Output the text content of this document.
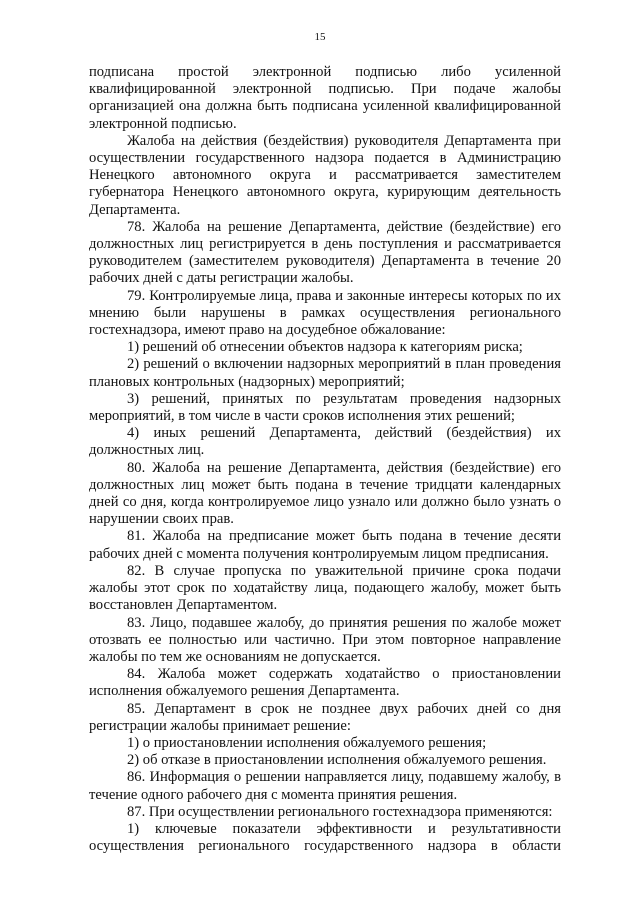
15

подписана простой электронной подписью либо усиленной квалифицированной электронной подписью. При подаче жалобы организацией она должна быть подписана усиленной квалифицированной электронной подписью.

Жалоба на действия (бездействия) руководителя Департамента при осуществлении государственного надзора подается в Администрацию Ненецкого автономного округа и рассматривается заместителем губернатора Ненецкого автономного округа, курирующим деятельность Департамента.

78. Жалоба на решение Департамента, действие (бездействие) его должностных лиц регистрируется в день поступления и рассматривается руководителем (заместителем руководителя) Департамента в течение 20 рабочих дней с даты регистрации жалобы.

79. Контролируемые лица, права и законные интересы которых по их мнению были нарушены в рамках осуществления регионального гостехнадзора, имеют право на досудебное обжалование:

1) решений об отнесении объектов надзора к категориям риска;

2) решений о включении надзорных мероприятий в план проведения плановых контрольных (надзорных) мероприятий;

3) решений, принятых по результатам проведения надзорных мероприятий, в том числе в части сроков исполнения этих решений;

4) иных решений Департамента, действий (бездействия) их должностных лиц.

80. Жалоба на решение Департамента, действия (бездействие) его должностных лиц может быть подана в течение тридцати календарных дней со дня, когда контролируемое лицо узнало или должно было узнать о нарушении своих прав.

81. Жалоба на предписание может быть подана в течение десяти рабочих дней с момента получения контролируемым лицом предписания.

82. В случае пропуска по уважительной причине срока подачи жалобы этот срок по ходатайству лица, подающего жалобу, может быть восстановлен Департаментом.

83. Лицо, подавшее жалобу, до принятия решения по жалобе может отозвать ее полностью или частично. При этом повторное направление жалобы по тем же основаниям не допускается.

84. Жалоба может содержать ходатайство о приостановлении исполнения обжалуемого решения Департамента.

85. Департамент в срок не позднее двух рабочих дней со дня регистрации жалобы принимает решение:

1) о приостановлении исполнения обжалуемого решения;

2) об отказе в приостановлении исполнения обжалуемого решения.

86. Информация о решении направляется лицу, подавшему жалобу, в течение одного рабочего дня с момента принятия решения.

87. При осуществлении регионального гостехнадзора применяются:

1) ключевые показатели эффективности и результативности осуществления регионального государственного надзора в области
